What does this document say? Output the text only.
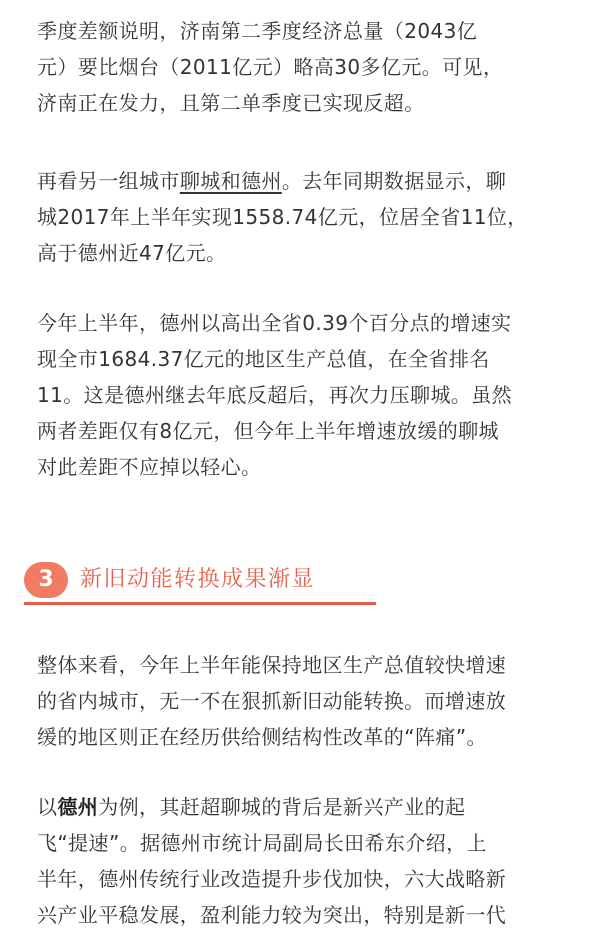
季度差额说明，济南第二季度经济总量（2043亿
元）要比烟台（2011亿元）略高30多亿元。可见，
济南正在发力，且第二单季度已实现反超。

再看另一组城市聊城和德州。去年同期数据显示，聊
城2017年上半年实现1558.74亿元，位居全省11位，
高于德州近47亿元。

今年上半年，德州以高出全省0.39个百分点的增速实
现全市1684.37亿元的地区生产总值，在全省排名
11。这是德州继去年底反超后，再次力压聊城。虽然
两者差距仅有8亿元，但今年上半年增速放缓的聊城
对此差距不应掉以轻心。

3	新旧动能转换成果渐显

整体来看，今年上半年能保持地区生产总值较快增速
的省内城市，无一不在狠抓新旧动能转换。而增速放
缓的地区则正在经历供给侧结构性改革的“阵痛”。

以德州为例，其赶超聊城的背后是新兴产业的起
飞“提速”。据德州市统计局副局长田希东介绍，上
半年，德州传统行业改造提升步伐加快，六大战略新
兴产业平稳发展，盈利能力较为突出，特别是新一代
